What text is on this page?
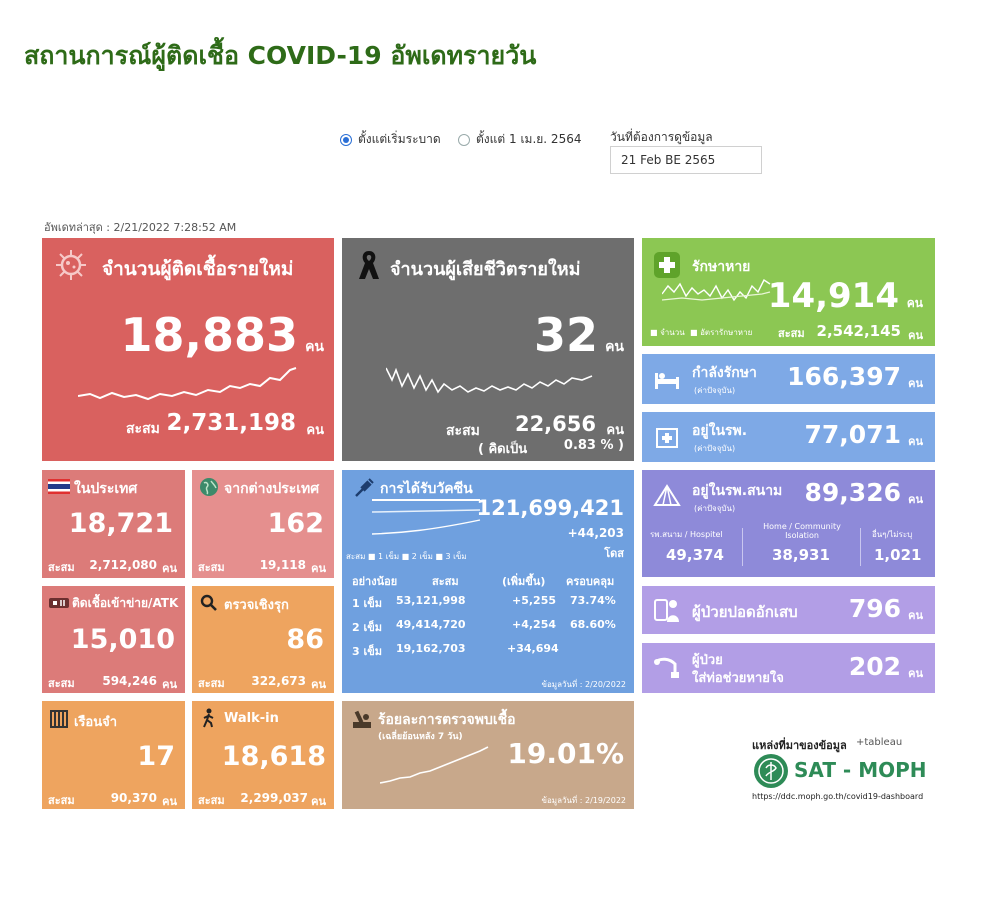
สถานการณ์ผู้ติดเชื้อ COVID-19 อัพเดทรายวัน
ตั้งแต่เริ่มระบาด	ตั้งแต่ 1 เม.ย. 2564 วันที่ต้องการดูข้อมูล
21 Feb BE 2565
อัพเดทล่าสุด : 2/21/2022 7:28:52 AM
จำนวนผู้ติดเชื้อรายใหม่
18,883 คน
สะสม 2,731,198 คน
จำนวนผู้เสียชีวิตรายใหม่
32 คน
สะสม 22,656 คน
( คิดเป็น	0.83 % )
รักษาหาย
14,914 คน
■ จำนวน ■ อัตรารักษาหาย สะสม 2,542,145 คน
กำลังรักษา
(ค่าปัจจุบัน) 166,397 คน
อยู่ในรพ.
(ค่าปัจจุบัน)	77,071 คน
อยู่ในรพ.สนาม
(ค่าปัจจุบัน)
89,326 คน
รพ.สนาม / Hospitel
49,374
Home / Community Isolation
38,931
อื่นๆ/ไม่ระบุ
1,021
ผู้ป่วยปอดอักเสบ 796 คน
ผู้ป่วย
ใส่ท่อช่วยหายใจ	202 คน
ในประเทศ
18,721
สะสม 2,712,080 คน
จากต่างประเทศ
162
สะสม	19,118 คน
ติดเชื้อเข้าข่าย/ATK
15,010
สะสม 594,246 คน
ตรวจเชิงรุก
86
สะสม 322,673 คน
เรือนจำ
17
สะสม	90,370 คน
Walk-in
18,618
สะสม 2,299,037 คน
การได้รับวัคซีน
121,699,421
+44,203
โดส
สะสม ■ 1 เข็ม ■ 2 เข็ม ■ 3 เข็ม
อย่างน้อย	สะสม	(เพิ่มขึ้น) ครอบคลุม
1 เข็ม 53,121,998	+5,255 73.74%
2 เข็ม 49,414,720	+4,254 68.60%
3 เข็ม 19,162,703	+34,694
ข้อมูลวันที่ : 2/20/2022
ร้อยละการตรวจพบเชื้อ
(เฉลี่ยย้อนหลัง 7 วัน) 19.01%
ข้อมูลวันที่ : 2/19/2022
แหล่งที่มาของข้อมูล +tableau
SAT - MOPH
https://ddc.moph.go.th/covid19-dashboard
